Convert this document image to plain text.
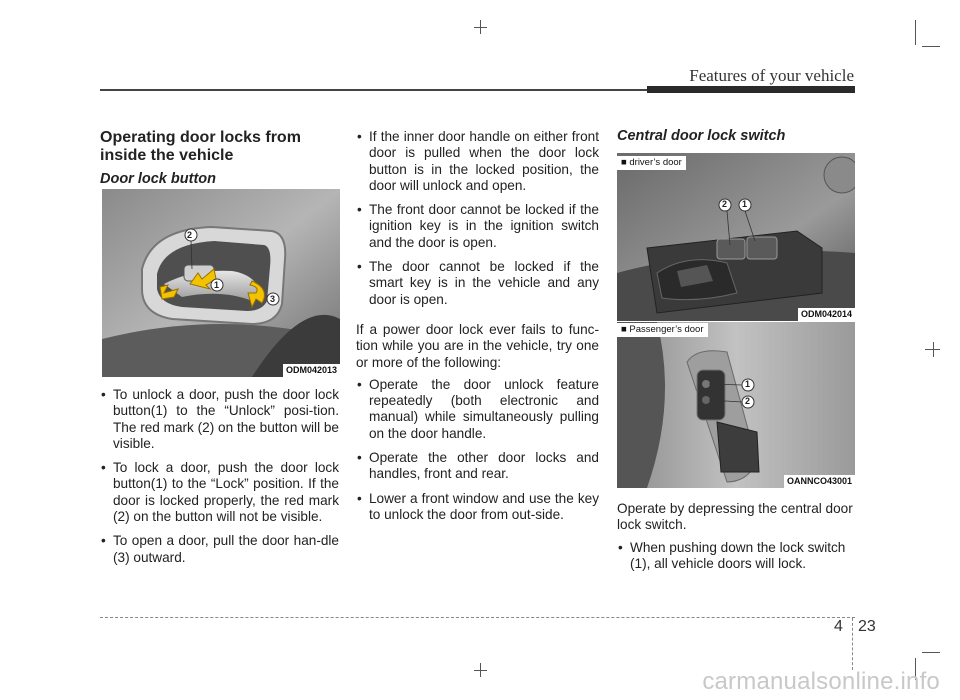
Features of your vehicle
Operating door locks from
inside the vehicle
Door lock button
2
1
3
ODM042013
• To unlock a door, push the door lock button(1) to the “Unlock” posi-tion. The red mark (2) on the button will be visible.
• To lock a door, push the door lock button(1) to the “Lock” position. If the door is locked properly, the red mark (2) on the button will not be visible.
• To open a door, pull the door han-dle (3) outward.
• If the inner door handle on either front door is pulled when the door lock button is in the locked position, the door will unlock and open.
• The front door cannot be locked if the ignition key is in the ignition switch and the door is open.
• The door cannot be locked if the smart key is in the vehicle and any door is open.

If a power door lock ever fails to func-tion while you are in the vehicle, try one or more of the following:

• Operate the door unlock feature repeatedly (both electronic and manual) while simultaneously pulling on the door handle.
• Operate the other door locks and handles, front and rear.
• Lower a front window and use the key to unlock the door from out-side.
Central door lock switch
■ driver’s door
2 1
ODM042014
■ Passenger’s door
1
2
OANNCO43001

Operate by depressing the central door lock switch.

• When pushing down the lock switch (1), all vehicle doors will lock.
4 23
carmanualsonline.info
